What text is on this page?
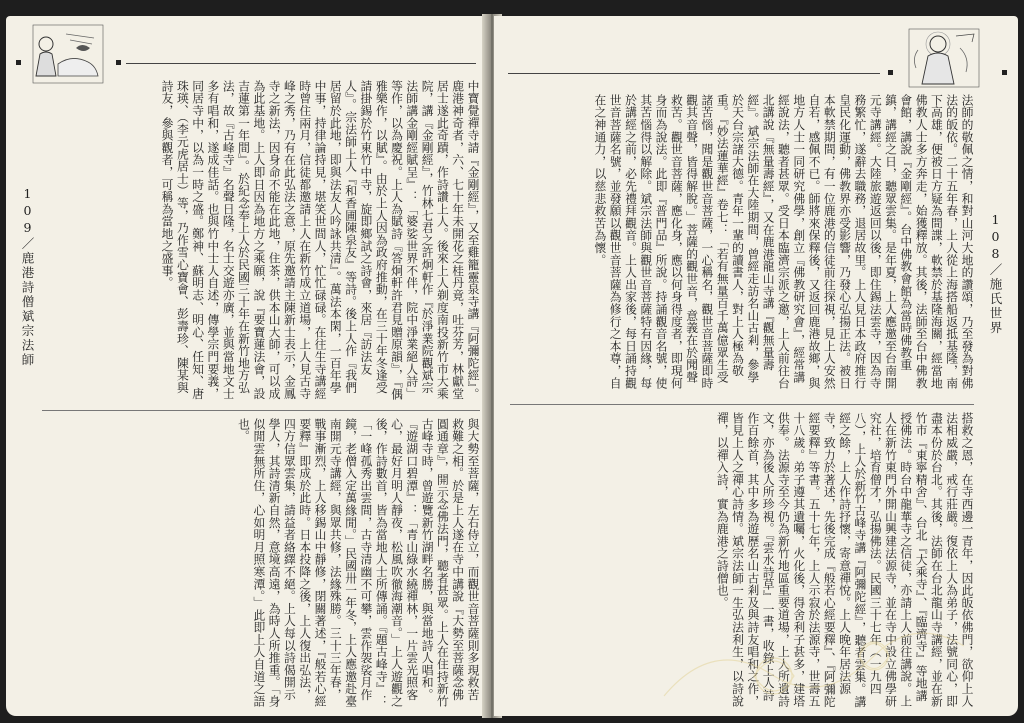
109／鹿港詩僧斌宗法師	中寶覺禪寺請『金剛經』，又至雞籠靈泉寺講『阿彌陀經』。鹿港神奇者，六、七十年未開花之桂丹竟，吐芬芳，林獻堂居士遂此奇蹟，作詩讚上人。後來上人剃度南投新竹市大乘院，講『金剛經』，竹林七君之許炯軒作『於淨業院觀斌宗法師講金剛經賦呈』：「婆娑世界不伴，院中淨業絕人詩」等作，以為慶祝。上人為賦詩『答炯軒許君見贈原韻』，『偶雅樂作，以賦』。由於上人因為政府推動，在三十年冬逢受請掛錫於竹東竹中寺，旋即鄉試之詩會，來居『訪法友人』。宗法師上人『和香圃陳泉友』等詩。後上人作『我們居留於此地，即與法友人吟詠共清』。萬法本閑，一百年學中事，持律論持見，堪笑世間人，忙忙碌碌。在往生寺講經時曾住兩月，信徒都邀請上人在新竹成立道場，上人見古寺峰之秀，乃有在此弘法之意，原先邀請主陳新士表示，金鳳寺之新法，因身命不能在此地，住茶，供本山大師，可以成為此基地。上人即日因為地方之乘願，說『要寶蓮法會，設吉蓮第一年間』。於紀念奉上人於民國三十年在新竹地方弘法，故『古峰寺』名聲日隆，名士交遊亦廣，並與當地文士多有唱和，遂成佳話。也與竹中士人自述，傳學宗門要義，同居寺中，以為一時之盛。鄭神、蘇明志、明心、任知、唐珠瑛、（李元虎居士）等，乃作雪心寶會、彭壽珍、陳某與詩友，參與觀者，可稱為當地之盛事。
與大勢至菩薩，左右侍立，而觀世音菩薩則多現救苦救難之相。於是上人遂在寺中講說『大勢至菩薩念佛圓通章』，開示念佛法門，聽者甚眾。上人在住持新竹古峰寺時，曾遊覽新竹湖畔名勝，與當地詩人唱和。『遊湖口碧潭』：「青山綠水繞禪林，一片雲光照客心，最好月明人靜夜，松風吹徹海潮音。」上人遊觀之後，作詩數首，皆為當地人士所傳誦。『題古峰寺』：「一峰孤秀出雲間，古寺清幽不可攀，雲作袈裟月作鏡，老僧入定萬緣閒。」民國卅一年冬，上人應邀赴臺南開元寺講經，與眾共修，法緣殊勝。三十三年春，戰事漸烈，上人移錫山中靜修，閉關著述，『般若心經要釋』即成於此時。日本投降之後，上人復出弘法，四方信眾雲集，請益者絡繹不絕。上人每以詩偈開示學人，其詩清新自然，意境高遠，為時人所推重。「身似閒雲無所住，心如明月照寒潭。」此即上人自道之語也。
108／施氏世界
法師的敬佩之情，和對山河大地的讚頌，乃至發為對佛法的皈依。二十五年春，上人從上海搭船返抵基隆，南下高雄，便被日方疑為間諜，軟禁於基隆海關，經當地佛教人士多方奔走，始獲釋放。其後，法師至台中佛教會館，講說『金剛經』。台中佛教會館為當時佛教重鎮，講經之日，聽眾雲集。是年夏，上人應邀至台南開元寺講經。大陸旅遊返回以後，即住錫法雲寺，因為寺務繁忙，遂辭去職務，退居故里。上人見日本政府推行皇民化運動，佛教界亦受影響，乃發心弘揚正法。被日本軟禁期間，有一位鹿港的信徒前往探視，見上人安然自若，感佩不已。師將來保釋後，又返回鹿港故鄉，與地方人士一同研究佛學，創立『佛教研究會』，經常講經說法，聽者甚眾。受日本臨濟宗派之邀，上人前往台北講說『無量壽經』，又在鹿港龍山寺講『觀無量壽經』。斌宗法師在大陸期間，曾經走訪名山古剎，參學於天台宗諸大德。青年一輩的讀書人，對上人極為敬重。『妙法蓮華經』卷七：「若有無量百千萬億眾生受諸苦惱，聞是觀世音菩薩，一心稱名，觀世音菩薩即時觀其音聲，皆得解脫。」菩薩的觀世音，意義在於聞聲救苦。觀世音菩薩，應化身，應以何身得度者，即現何身而為說法。此即『普門品』所說。持誦觀音名號，使其苦惱得以解除。斌宗法師與觀世音菩薩特有因緣，每於講經之前，必先禮拜觀音。上人出家後，每日誦持觀世音菩薩名號，並發願以觀世音菩薩為修行之本尊，自在之神通力，以慈悲救苦為懷。
搭救之恩，在寺西邊一青年，因此皈依佛門，欲仰上人法相威嚴，戒行莊嚴。復依上人為弟子，法號同心，即盡本份於台北。其後，法師在台北龍山寺講經，並在新竹市『東寧精舍』、台北『大乘寺』、『臨濟寺』等地講授佛法。時台中龍華寺之信徒，亦請上人前往講說。上人在新竹東門外開山興建法源寺，並在寺中設立佛學研究社，培育僧才，弘揚佛法。民國三十七年（一九四八），上人於新竹古峰寺講『阿彌陀經』，聽者雲集。講經之餘，上人作詩抒懷，寄意禪悅。上人晚年居法源寺，致力於著述，先後完成『般若心經要釋』、『阿彌陀經要釋』等書。五十七年，上人示寂於法源寺，世壽五十八歲。弟子遵其遺囑，火化後，得舍利子甚多，建塔供奉。法源寺至今仍為新竹地區重要道場，上人所遺詩文，亦為後人所珍視。『雲水詩草』一書，收錄上人詩作百餘首，其中多為遊歷名山古剎及與詩友唱和之作，皆見上人之禪心詩情。斌宗法師一生弘法利生，以詩說禪，以禪入詩，實為鹿港之詩僧也。
